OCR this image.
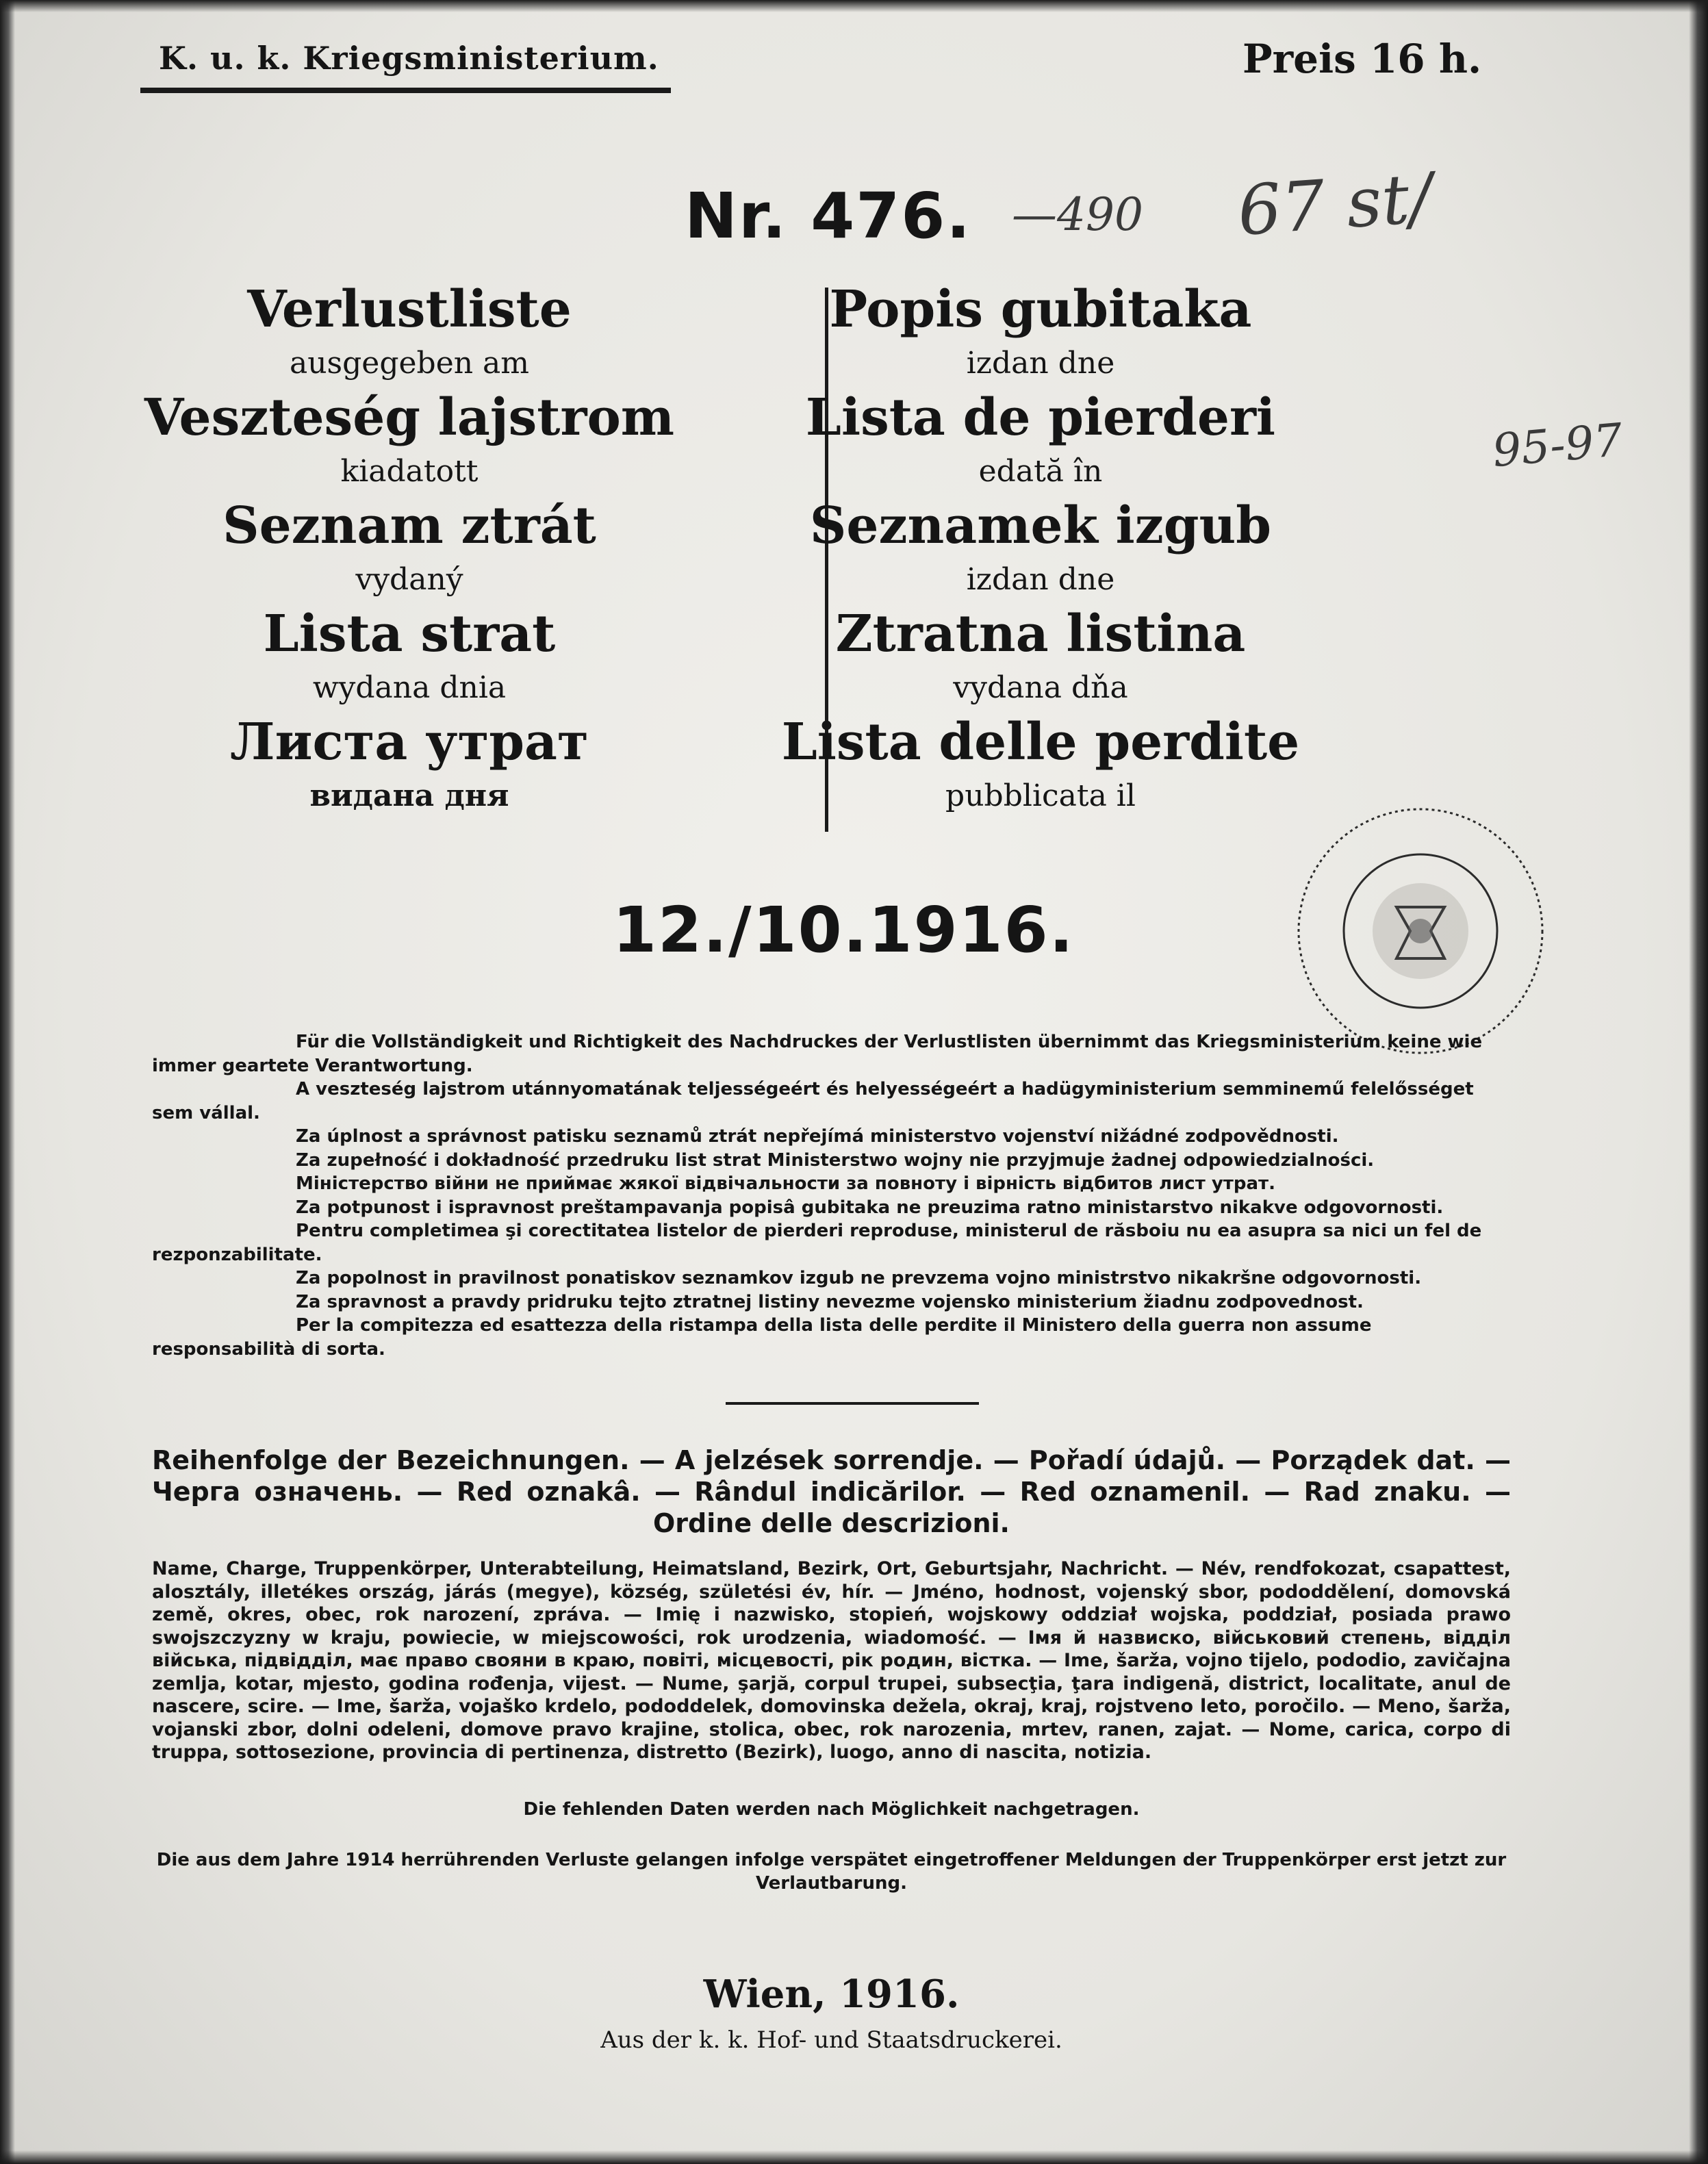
K. u. k. Kriegsministerium.	Preis 16 h.
Nr. 476. —490 67 st/
95-97
Verlustliste
ausgegeben am
Veszteség lajstrom
kiadatott
Seznam ztrát
vydaný
Lista strat
wydana dnia
Листа утрат
видана дня
Popis gubitaka
izdan dne
Lista de pierderi
edată în
Seznamek izgub
izdan dne
Ztratna listina
vydana dňa
Lista delle perdite
pubblicata il
12./10.1916.

Für die Vollständigkeit und Richtigkeit des Nachdruckes der Verlustlisten übernimmt das Kriegsministerium keine wie immer geartete Verantwortung.

A veszteség lajstrom utánnyomatának teljességeért és helyességeért a hadügyministerium semminemű felelősséget sem vállal.

Za úplnost a správnost patisku seznamů ztrát nepřejímá ministerstvo vojenství nižádné zodpovědnosti.

Za zupełność i dokładność przedruku list strat Ministerstwo wojny nie przyjmuje żadnej odpowiedzialności.

Міністерство війни не приймає жякої відвічальности за повноту і вірність відбитов лист утрат.

Za potpunost i ispravnost preštampavanja popisâ gubitaka ne preuzima ratno ministarstvo nikakve odgovornosti.

Pentru completimea şi corectitatea listelor de pierderi reproduse, ministerul de răsboiu nu ea asupra sa nici un fel de rezponzabilitate.

Za popolnost in pravilnost ponatiskov seznamkov izgub ne prevzema vojno ministrstvo nikakršne odgovornosti.

Za spravnost a pravdy pridruku tejto ztratnej listiny nevezme vojensko ministerium žiadnu zodpovednost.

Per la compitezza ed esattezza della ristampa della lista delle perdite il Ministero della guerra non assume responsabilità di sorta.

Reihenfolge der Bezeichnungen. — A jelzések sorrendje. — Pořadí údajů. — Porządek dat. — Черга означень. — Red oznakâ. — Rândul indicărilor. — Red oznamenil. — Rad znaku. — Ordine delle descrizioni.
Name, Charge, Truppenkörper, Unterabteilung, Heimatsland, Bezirk, Ort, Geburtsjahr, Nachricht. — Név, rendfokozat, csapattest, alosztály, illetékes ország, járás (megye), község, születési év, hír. — Jméno, hodnost, vojenský sbor, pododdělení, domovská země, okres, obec, rok narození, zpráva. — Imię i nazwisko, stopień, wojskowy oddział wojska, poddział, posiada prawo swojszczyzny w kraju, powiecie, w miejscowości, rok urodzenia, wiadomość. — Імя й назвиско, військовий степень, відділ війська, підвідділ, має право свояни в краю, повіті, місцевості, рік родин, вістка. — Ime, šarža, vojno tijelo, pododio, zavičajna zemlja, kotar, mjesto, godina rođenja, vijest. — Nume, şarjă, corpul trupei, subsecţia, ţara indigenă, district, localitate, anul de nascere, scire. — Ime, šarža, vojaško krdelo, pododdelek, domovinska dežela, okraj, kraj, rojstveno leto, poročilo. — Meno, šarža, vojanski zbor, dolni odeleni, domove pravo krajine, stolica, obec, rok narozenia, mrtev, ranen, zajat. — Nome, carica, corpo di truppa, sottosezione, provincia di pertinenza, distretto (Bezirk), luogo, anno di nascita, notizia.
Die fehlenden Daten werden nach Möglichkeit nachgetragen.
Die aus dem Jahre 1914 herrührenden Verluste gelangen infolge verspätet eingetroffener Meldungen der Truppenkörper erst jetzt zur Verlautbarung.
Wien, 1916.
Aus der k. k. Hof- und Staatsdruckerei.
